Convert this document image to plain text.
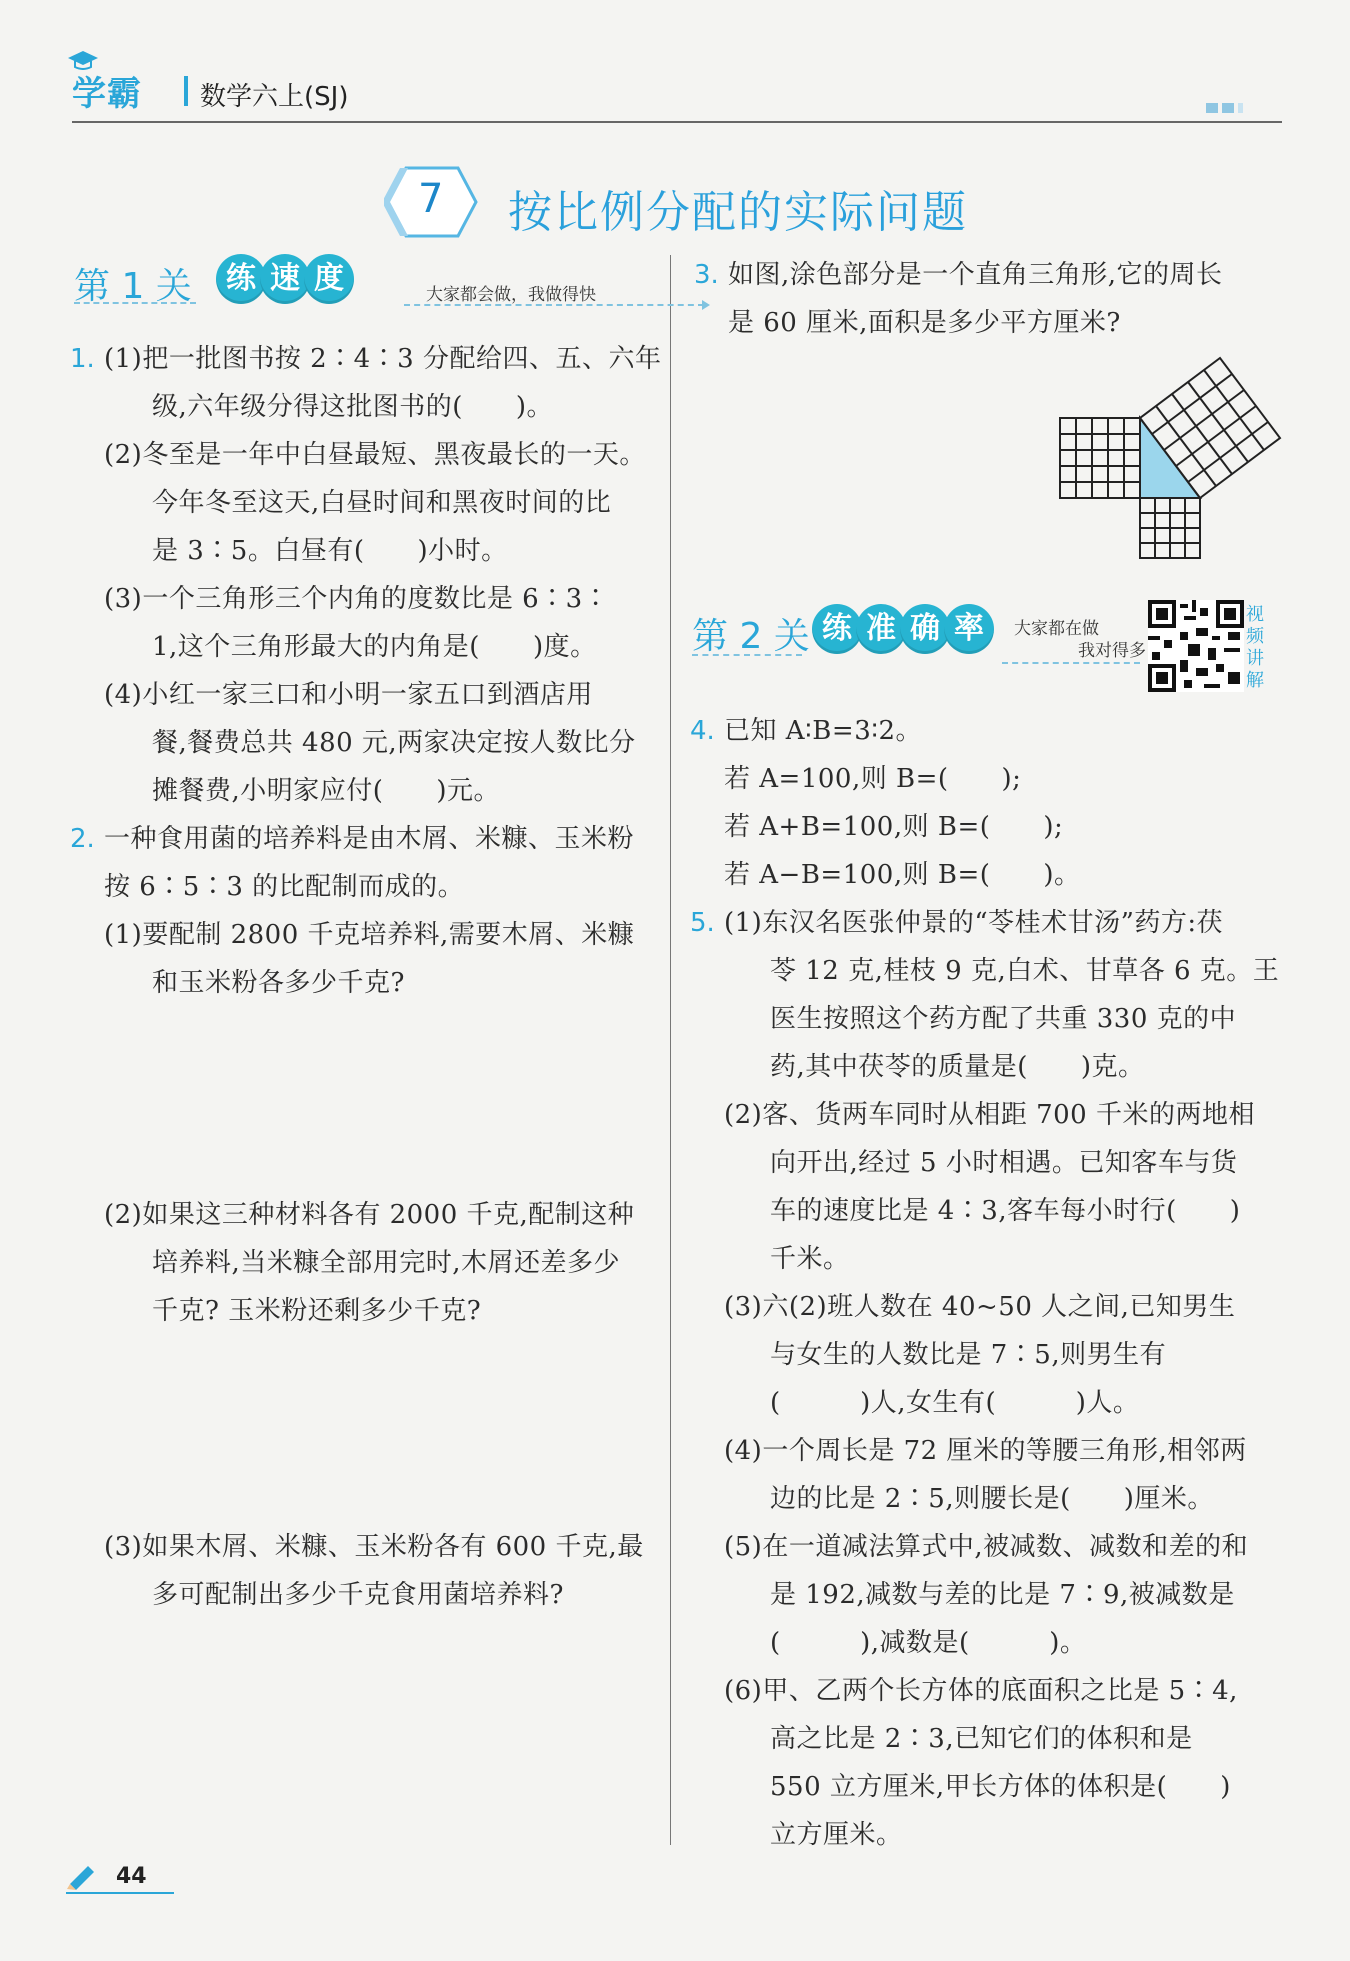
学霸 数学六上(SJ)
7 按比例分配的实际问题
第 1 关	练 速 度	大家都会做，我做得快
1. (1)把一批图书按 2∶4∶3 分配给四、五、六年
级,六年级分得这批图书的(　　)。
(2)冬至是一年中白昼最短、黑夜最长的一天。
今年冬至这天,白昼时间和黑夜时间的比
是 3∶5。白昼有(　　)小时。
(3)一个三角形三个内角的度数比是 6∶3∶
1,这个三角形最大的内角是(　　)度。
(4)小红一家三口和小明一家五口到酒店用
餐,餐费总共 480 元,两家决定按人数比分
摊餐费,小明家应付(　　)元。
2. 一种食用菌的培养料是由木屑、米糠、玉米粉
按 6∶5∶3 的比配制而成的。
(1)要配制 2800 千克培养料,需要木屑、米糠
和玉米粉各多少千克?
(2)如果这三种材料各有 2000 千克,配制这种
培养料,当米糠全部用完时,木屑还差多少
千克? 玉米粉还剩多少千克?
(3)如果木屑、米糠、玉米粉各有 600 千克,最
多可配制出多少千克食用菌培养料?
3. 如图,涂色部分是一个直角三角形,它的周长
是 60 厘米,面积是多少平方厘米?
第 2 关 练 准 确 率 大家都在做
我对得多
视
频
讲
解
4. 已知 A∶B=3∶2。
若 A=100,则 B=(　　);
若 A+B=100,则 B=(　　);
若 A−B=100,则 B=(　　)。
5. (1)东汉名医张仲景的“苓桂术甘汤”药方:茯
苓 12 克,桂枝 9 克,白术、甘草各 6 克。王
医生按照这个药方配了共重 330 克的中
药,其中茯苓的质量是(　　)克。
(2)客、货两车同时从相距 700 千米的两地相
向开出,经过 5 小时相遇。已知客车与货
车的速度比是 4∶3,客车每小时行(　　)
千米。
(3)六(2)班人数在 40~50 人之间,已知男生
与女生的人数比是 7∶5,则男生有
(　　　)人,女生有(　　　)人。
(4)一个周长是 72 厘米的等腰三角形,相邻两
边的比是 2∶5,则腰长是(　　)厘米。
(5)在一道减法算式中,被减数、减数和差的和
是 192,减数与差的比是 7∶9,被减数是
(　　　),减数是(　　　)。
(6)甲、乙两个长方体的底面积之比是 5∶4,
高之比是 2∶3,已知它们的体积和是
550 立方厘米,甲长方体的体积是(　　)
立方厘米。
44
